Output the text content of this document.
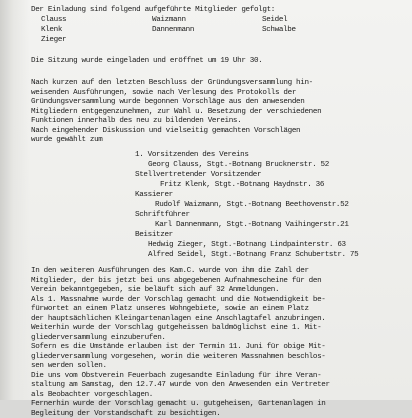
Der Einladung sind folgend aufgeführte Mitglieder gefolgt:
Clauss	Waizmann	Seidel
Klenk	Dannenmann	Schwalbe
Zieger
Die Sitzung wurde eingeladen und eröffnet um 19 Uhr 30.
Nach kurzen auf den letzten Beschluss der Gründungsversammlung hin-
weisenden Ausführungen, sowie nach Verlesung des Protokolls der
Gründungsversammlung wurde begonnen Vorschläge aus den anwesenden
Mitgliedern entgegenzunehmen, zur Wahl u. Besetzung der verschiedenen
Funktionen innerhalb des neu zu bildenden Vereins.
Nach eingehender Diskussion und vielseitig gemachten Vorschlägen
wurde gewählt zum
1. Vorsitzenden des Vereins
Georg Clauss, Stgt.-Botnang Brucknerstr. 52
Stellvertretender Vorsitzender
Fritz Klenk, Stgt.-Botnang Haydnstr. 36
Kassierer
Rudolf Waizmann, Stgt.-Botnang Beethovenstr.52
Schriftführer
Karl Dannenmann, Stgt.-Botnang Vaihingerstr.21
Beisitzer
Hedwig Zieger, Stgt.-Botnang Lindpainterstr. 63
Alfred Seidel, Stgt.-Botnang Franz Schubertstr. 75
In den weiteren Ausführungen des Kam.C. wurde von ihm die Zahl der
Mitglieder, der bis jetzt bei uns abgegebenen Aufnahmescheine für den
Verein bekanntgegeben, sie beläuft sich auf 32 Anmeldungen.
Als 1. Massnahme wurde der Vorschlag gemacht und die Notwendigkeit be-
fürwortet an einem Platz unseres Wohngebiete, sowie an einem Platz
der hauptsächlichen Kleingartenanlagen eine Anschlagtafel anzubringen.
Weiterhin wurde der Vorschlag gutgeheissen baldmöglichst eine 1. Mit-
gliederversammlung einzuberufen.
Sofern es die Umstände erlauben ist der Termin 11. Juni für obige Mit-
gliederversammlung vorgesehen, worin die weiteren Massnahmen beschlos-
sen werden sollen.
Die uns vom Obstverein Feuerbach zugesandte Einladung für ihre Veran-
staltung am Samstag, den 12.7.47 wurde von den Anwesenden ein Vertreter
als Beobachter vorgeschlagen.
Fernerhin wurde der Vorschlag gemacht u. gutgeheisen, Gartenanlagen in
Begleitung der Vorstandschaft zu besichtigen.
